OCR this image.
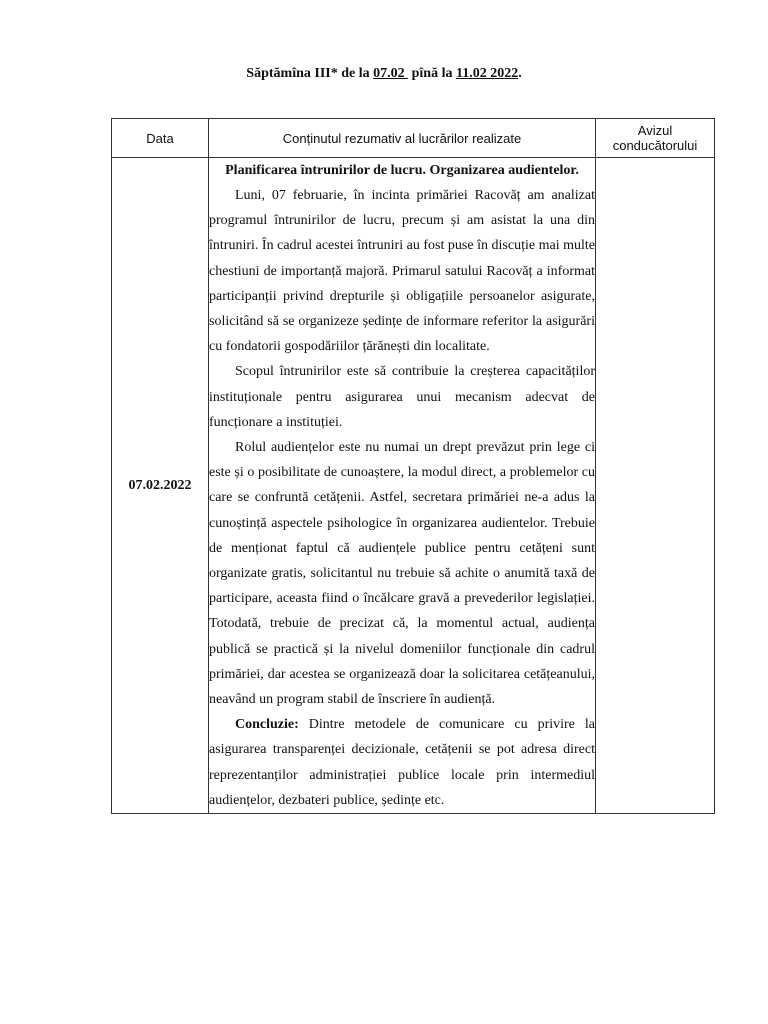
Săptămîna III* de la 07.02  pînă la 11.02 2022.
Data	Conținutul rezumativ al lucrărilor realizate	Avizul conducătorului
07.02.2022	Planificarea întrunirilor de lucru. Organizarea audientelor.

Luni, 07 februarie, în incinta primăriei Racovăț am analizat programul întrunirilor de lucru, precum și am asistat la una din întruniri. În cadrul acestei întruniri au fost puse în discuție mai multe chestiuni de importanță majoră. Primarul satului Racovăț a informat participanții privind drepturile și obligațiile persoanelor asigurate, solicitând să se organizeze ședințe de informare referitor la asigurări cu fondatorii gospodăriilor țărănești din localitate.

Scopul întrunirilor este să contribuie la creșterea capacităților instituționale pentru asigurarea unui mecanism adecvat de funcționare a instituției.

Rolul audiențelor este nu numai un drept prevăzut prin lege ci este și o posibilitate de cunoaștere, la modul direct, a problemelor cu care se confruntă cetățenii. Astfel, secretara primăriei ne-a adus la cunoștință aspectele psihologice în organizarea audientelor. Trebuie de menționat faptul că audiențele publice pentru cetățeni sunt organizate gratis, solicitantul nu trebuie să achite o anumită taxă de participare, aceasta fiind o încălcare gravă a prevederilor legislației. Totodată, trebuie de precizat că, la momentul actual, audiența publică se practică și la nivelul domeniilor funcționale din cadrul primăriei, dar acestea se organizează doar la solicitarea cetățeanului, neavând un program stabil de înscriere în audiență.

Concluzie: Dintre metodele de comunicare cu privire la asigurarea transparenței decizionale, cetățenii se pot adresa direct reprezentanților administrației publice locale prin intermediul audiențelor, dezbateri publice, ședințe etc.	
